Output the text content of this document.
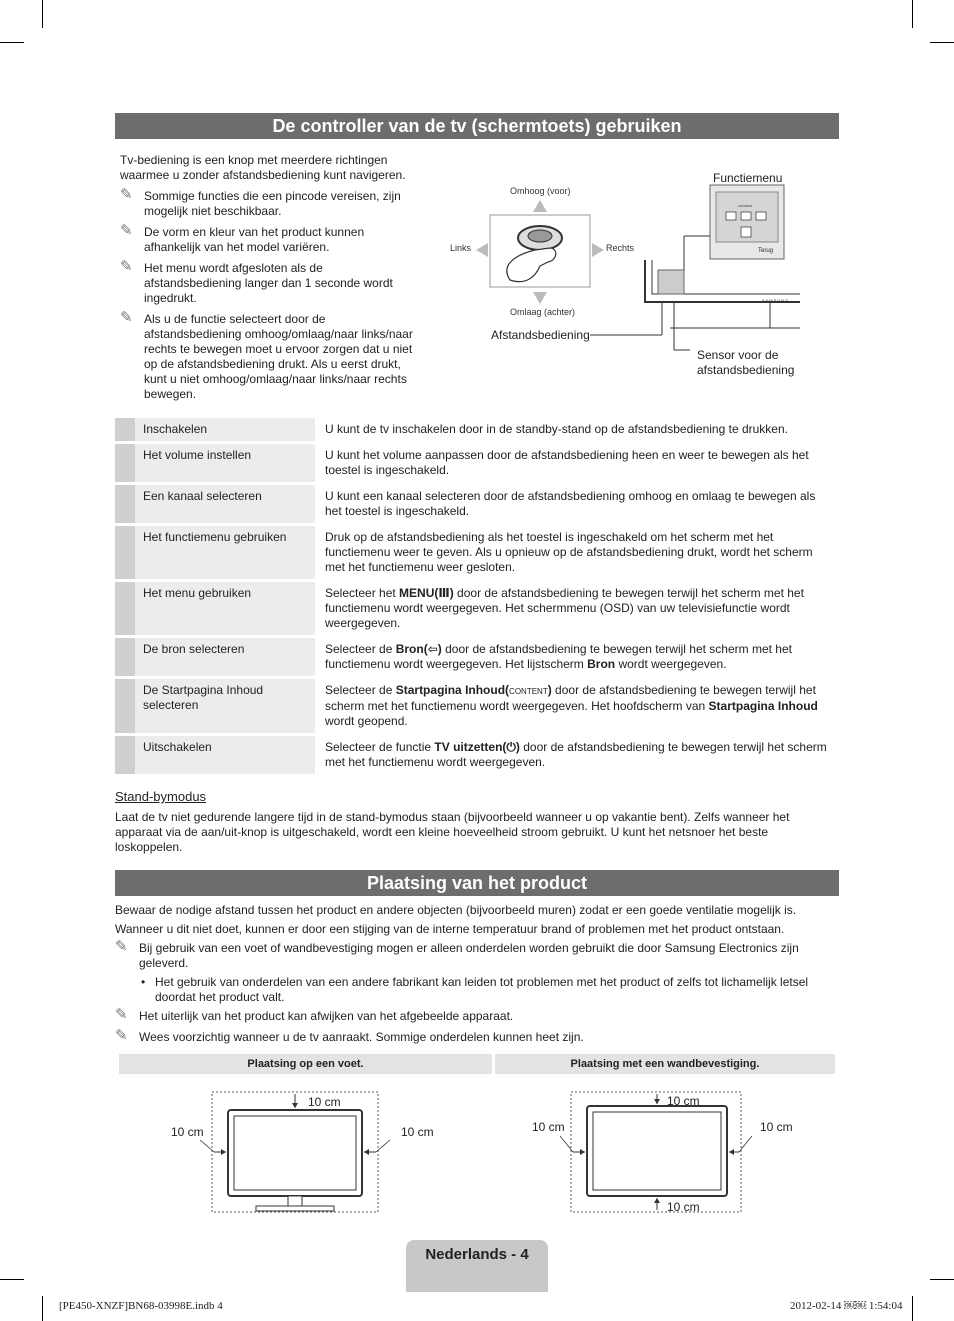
De controller van de tv (schermtoets) gebruiken
Tv-bediening is een knop met meerdere richtingen waarmee u zonder afstandsbediening kunt navigeren.
✎ Sommige functies die een pincode vereisen, zijn mogelijk niet beschikbaar.
✎ De vorm en kleur van het product kunnen afhankelijk van het model variëren.
✎ Het menu wordt afgesloten als de afstandsbediening langer dan 1 seconde wordt ingedrukt.
✎ Als u de functie selecteert door de afstandsbediening omhoog/omlaag/naar links/naar rechts te bewegen moet u ervoor zorgen dat u niet op de afstandsbediening drukt. Als u eerst drukt, kunt u niet omhoog/omlaag/naar links/naar rechts bewegen.
Omhoog (voor)
Omlaag (achter)
Links	Rechts
Afstandsbediening
Functiemenu
CONTENT
Terug
SAMSUNG
Sensor voor de afstandsbediening
	Inschakelen	U kunt de tv inschakelen door in de standby-stand op de afstandsbediening te drukken.
	Het volume instellen	U kunt het volume aanpassen door de afstandsbediening heen en weer te bewegen als het toestel is ingeschakeld.
	Een kanaal selecteren	U kunt een kanaal selecteren door de afstandsbediening omhoog en omlaag te bewegen als het toestel is ingeschakeld.
	Het functiemenu gebruiken	Druk op de afstandsbediening als het toestel is ingeschakeld om het scherm met het functiemenu weer te geven. Als u opnieuw op de afstandsbediening drukt, wordt het scherm met het functiemenu weer gesloten.
	Het menu gebruiken	Selecteer het MENU(Ⅲ) door de afstandsbediening te bewegen terwijl het scherm met het functiemenu wordt weergegeven. Het schermmenu (OSD) van uw televisiefunctie wordt weergegeven.
	De bron selecteren	Selecteer de Bron(⇦) door de afstandsbediening te bewegen terwijl het scherm met het functiemenu wordt weergegeven. Het lijstscherm Bron wordt weergegeven.
	De Startpagina Inhoud selecteren	Selecteer de Startpagina Inhoud(CONTENT) door de afstandsbediening te bewegen terwijl het scherm met het functiemenu wordt weergegeven. Het hoofdscherm van Startpagina Inhoud wordt geopend.
	Uitschakelen	Selecteer de functie TV uitzetten(⏻) door de afstandsbediening te bewegen terwijl het scherm met het functiemenu wordt weergegeven.
Stand-bymodus
Laat de tv niet gedurende langere tijd in de stand-bymodus staan (bijvoorbeeld wanneer u op vakantie bent). Zelfs wanneer het apparaat via de aan/uit-knop is uitgeschakeld, wordt een kleine hoeveelheid stroom gebruikt. U kunt het netsnoer het beste loskoppelen.
Plaatsing van het product
Bewaar de nodige afstand tussen het product en andere objecten (bijvoorbeeld muren) zodat er een goede ventilatie mogelijk is.
Wanneer u dit niet doet, kunnen er door een stijging van de interne temperatuur brand of problemen met het product ontstaan.
✎ Bij gebruik van een voet of wandbevestiging mogen er alleen onderdelen worden gebruikt die door Samsung Electronics zijn geleverd.
• Het gebruik van onderdelen van een andere fabrikant kan leiden tot problemen met het product of zelfs tot lichamelijk letsel doordat het product valt.
✎ Het uiterlijk van het product kan afwijken van het afgebeelde apparaat.
✎ Wees voorzichtig wanneer u de tv aanraakt. Sommige onderdelen kunnen heet zijn.
Plaatsing op een voet.	Plaatsing met een wandbevestiging.
10 cm
10 cm	10 cm
10 cm
10 cm	10 cm
10 cm
Nederlands - 4
[PE450-XNZF]BN68-03998E.indb 4	2012-02-14 ￼￼ 1:54:04
